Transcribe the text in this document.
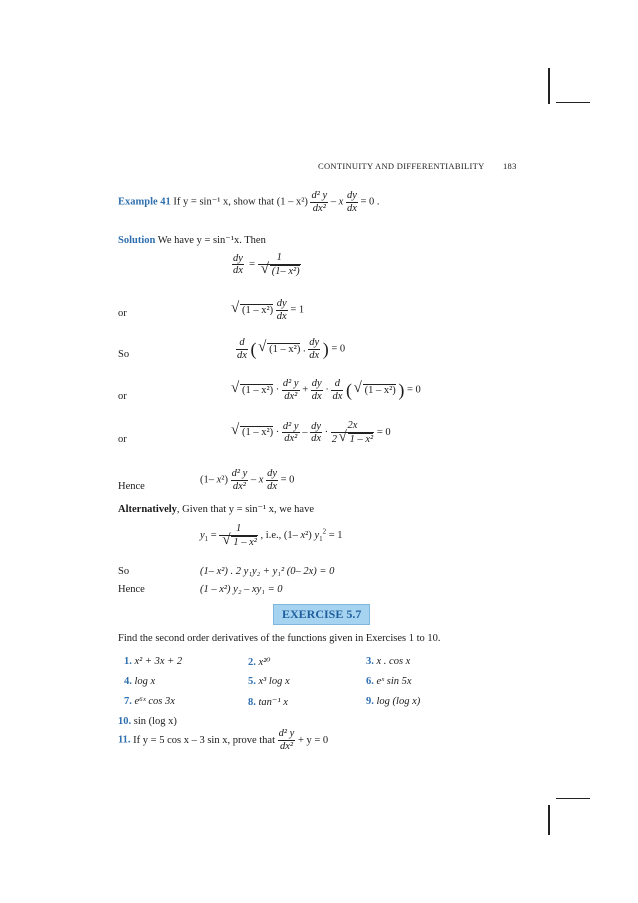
CONTINUITY AND DIFFERENTIABILITY 183
Example 41 If y = sin⁻¹ x, show that $(1 - x^2) \frac{\text{d² y}}{\text{dx²}} - x \frac{dy}{dx} = 0$ .
Solution We have y = sin⁻¹x. Then
$\frac{dy}{dx} = 1$
√ (1– x²)
or	√ $(1 - x^2) \frac{dy}{dx} = 1$
So	$\frac{d}{dx}$ ( √ (1 – x²) . $\frac{dy}{dx}$ ) = 0
or
√ $(1 - x^2) \cdot \frac{\text{d² y}}{\text{dx²}} + \frac{dy}{dx} \cdot \frac{d}{dx}$ ( √ (1 – x²) ) = 0
or
√ $(1 - x^2) \cdot \frac{\text{d² y}}{\text{dx²}} - \frac{dy}{dx} \cdot \frac{2x}{\text{2 √ 1 – x²}} = 0$
Hence
(1– $x^2) \frac{\text{d² y}}{\text{dx²}} - x \frac{dy}{dx} = 0$
Alternatively, Given that y = sin⁻¹ x, we have
$y_1 = 1$
√ 1 – x² , i.e., (1– x²) $y_1^2 = 1$
So	(1– x²) . 2 y₁y₂ + y₁² (0– 2x) = 0
Hence	(1 – x²) y₂ – xy₁ = 0
EXERCISE 5.7
Find the second order derivatives of the functions given in Exercises 1 to 10.
1. x² + 3x + 2	2. x²⁰	3. x . cos x
4. log x	5. x³ log x	6. eˣ sin 5x
7. e⁶ˣ cos 3x	8. tan⁻¹ x	9. log (log x)
10. sin (log x)
11. If y = 5 cos x – 3 sin x, prove that $\frac{\text{d² y}}{\text{dx²}} + y = 0$
